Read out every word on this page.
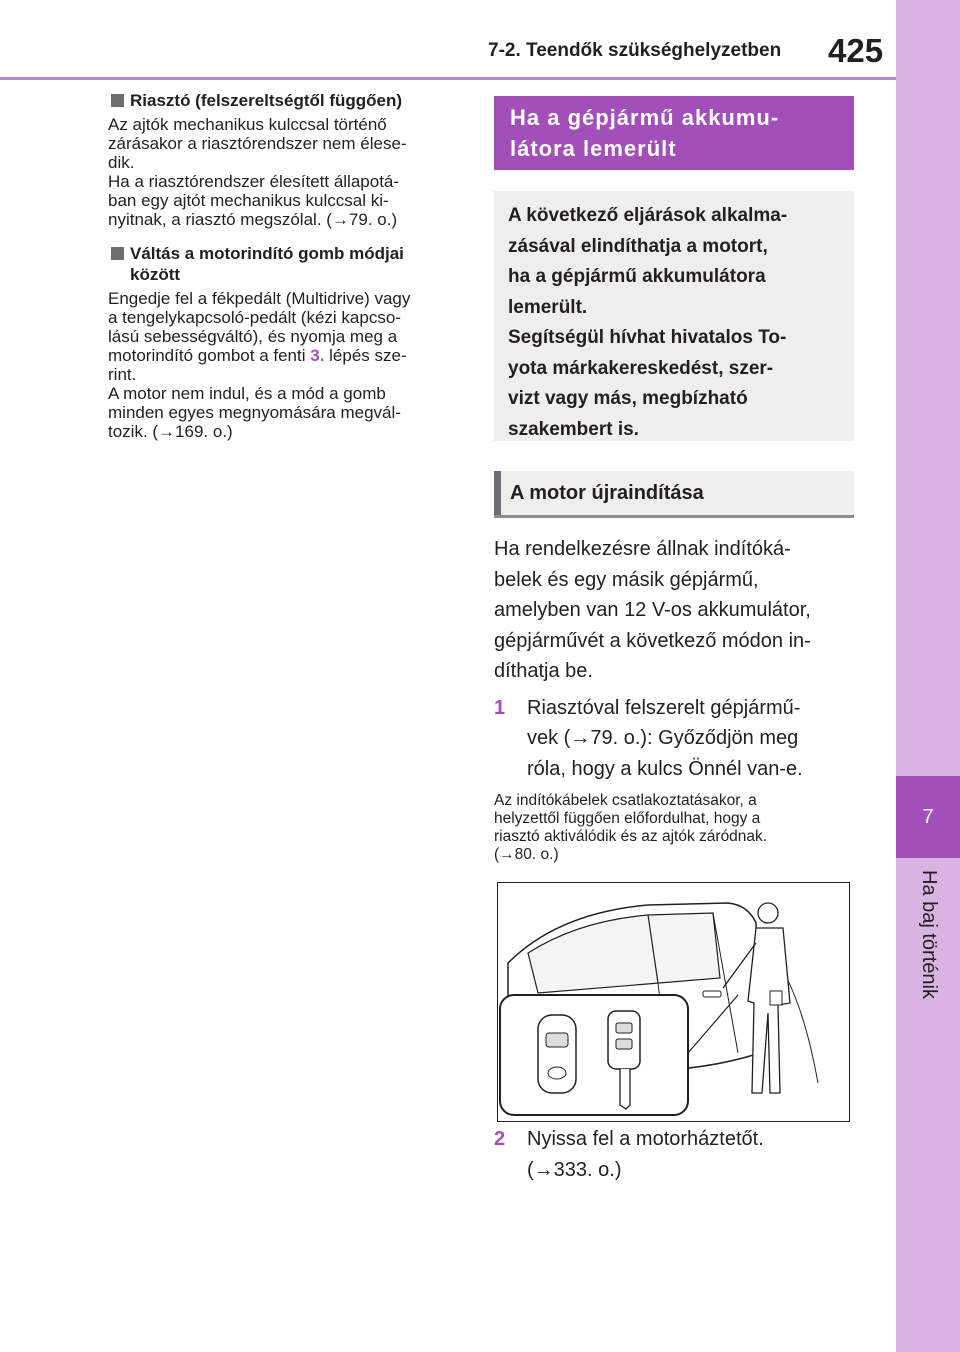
425
7-2. Teendők szükséghelyzetben
7
Ha baj történik
Riasztó (felszereltségtől függően)

Az ajtók mechanikus kulccsal történő
zárásakor a riasztórendszer nem élese-
dik.
Ha a riasztórendszer élesített állapotá-
ban egy ajtót mechanikus kulccsal ki-
nyitnak, a riasztó megszólal. (→79. o.)

Váltás a motorindító gomb módjai
között

Engedje fel a fékpedált (Multidrive) vagy
a tengelykapcsoló-pedált (kézi kapcso-
lású sebességváltó), és nyomja meg a
motorindító gombot a fenti 3. lépés sze-
rint.
A motor nem indul, és a mód a gomb
minden egyes megnyomására megvál-
tozik. (→169. o.)

Ha a gépjármű akkumu-
látora lemerült
A következő eljárások alkalma-
zásával elindíthatja a motort,
ha a gépjármű akkumulátora
lemerült.
Segítségül hívhat hivatalos To-
yota márkakereskedést, szer-
vizt vagy más, megbízható
szakembert is.
A motor újraindítása

Ha rendelkezésre állnak indítóká-
belek és egy másik gépjármű,
amelyben van 12 V-os akkumulátor,
gépjárművét a következő módon in-
díthatja be.

1 Riasztóval felszerelt gépjármű-
vek (→79. o.): Győződjön meg
róla, hogy a kulcs Önnél van-e.

Az indítókábelek csatlakoztatásakor, a
helyzettől függően előfordulhat, hogy a
riasztó aktiválódik és az ajtók záródnak.
(→80. o.)

2 Nyissa fel a motorháztetőt.
(→333. o.)
